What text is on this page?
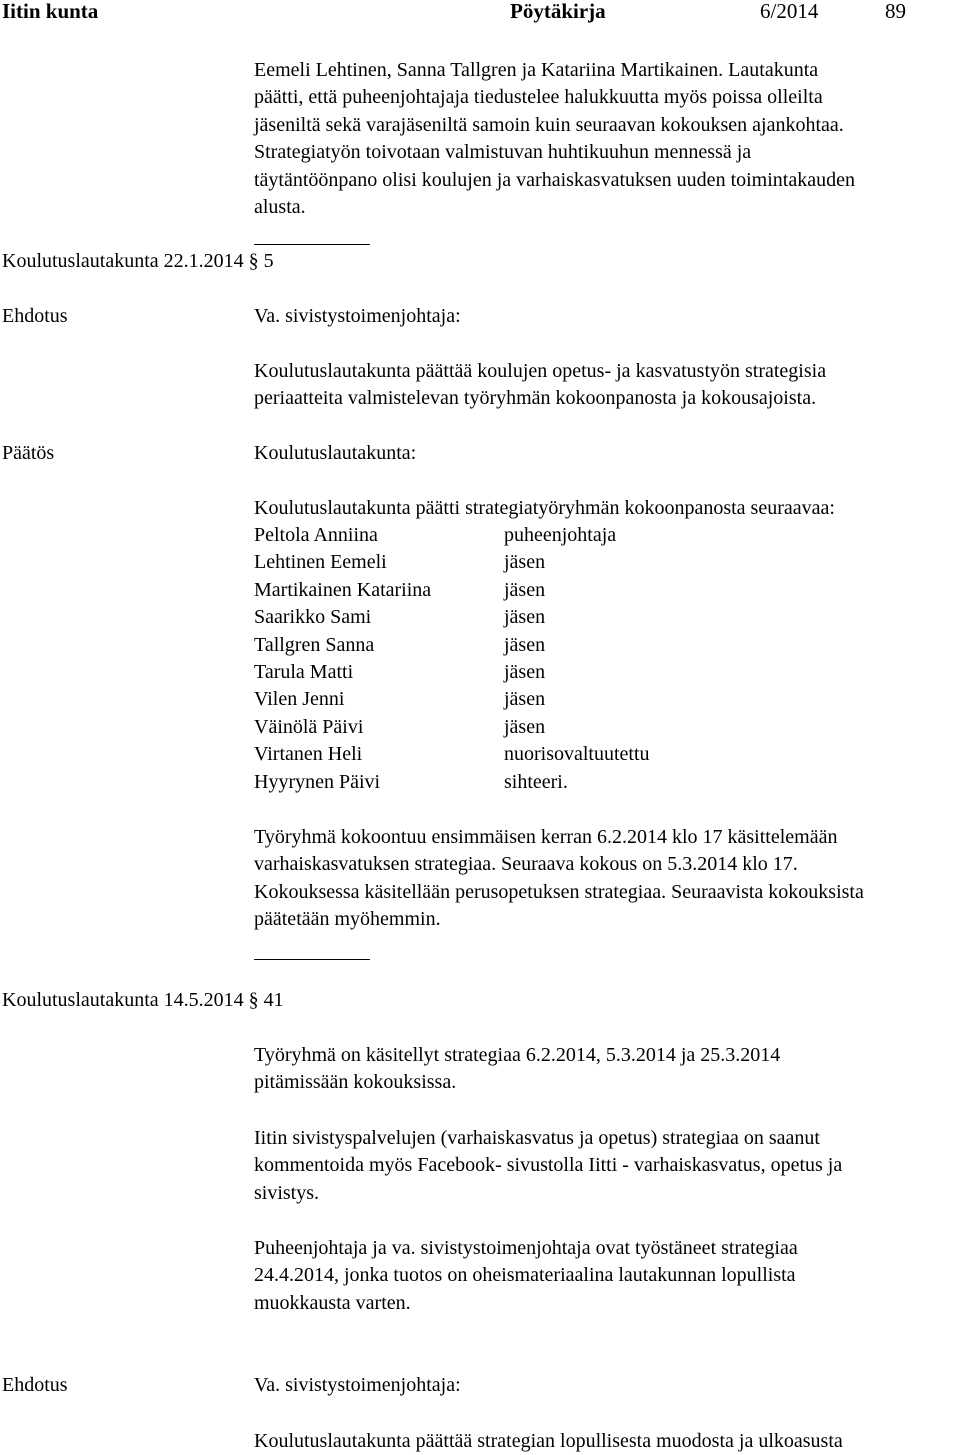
Iitin kunta	Pöytäkirja	6/2014	89
Eemeli Lehtinen, Sanna Tallgren ja Katariina Martikainen. Lautakunta
päätti, että puheenjohtajaja tiedustelee halukkuutta myös poissa olleilta
jäseniltä sekä varajäseniltä samoin kuin seuraavan kokouksen ajankohtaa.
Strategiatyön toivotaan valmistuvan huhtikuuhun mennessä ja
täytäntöönpano olisi koulujen ja varhaiskasvatuksen uuden toimintakauden
alusta.
Koulutuslautakunta 22.1.2014 § 5
Ehdotus	Va. sivistystoimenjohtaja:
Koulutuslautakunta päättää koulujen opetus- ja kasvatustyön strategisia
periaatteita valmistelevan työryhmän kokoonpanosta ja kokousajoista.
Päätös	Koulutuslautakunta:
Koulutuslautakunta päätti strategiatyöryhmän kokoonpanosta seuraavaa:
Peltola Anniina	puheenjohtaja
Lehtinen Eemeli	jäsen
Martikainen Katariina	jäsen
Saarikko Sami	jäsen
Tallgren Sanna	jäsen
Tarula Matti	jäsen
Vilen Jenni	jäsen
Väinölä Päivi	jäsen
Virtanen Heli	nuorisovaltuutettu
Hyyrynen Päivi	sihteeri.
Työryhmä kokoontuu ensimmäisen kerran 6.2.2014 klo 17 käsittelemään
varhaiskasvatuksen strategiaa. Seuraava kokous on 5.3.2014 klo 17.
Kokouksessa käsitellään perusopetuksen strategiaa. Seuraavista kokouksista
päätetään myöhemmin.
Koulutuslautakunta 14.5.2014 § 41
Työryhmä on käsitellyt strategiaa 6.2.2014, 5.3.2014 ja 25.3.2014
pitämissään kokouksissa.
Iitin sivistyspalvelujen (varhaiskasvatus ja opetus) strategiaa on saanut
kommentoida myös Facebook- sivustolla Iitti - varhaiskasvatus, opetus ja
sivistys.
Puheenjohtaja ja va. sivistystoimenjohtaja ovat työstäneet strategiaa
24.4.2014, jonka tuotos on oheismateriaalina lautakunnan lopullista
muokkausta varten.
Ehdotus	Va. sivistystoimenjohtaja:
Koulutuslautakunta päättää strategian lopullisesta muodosta ja ulkoasusta
